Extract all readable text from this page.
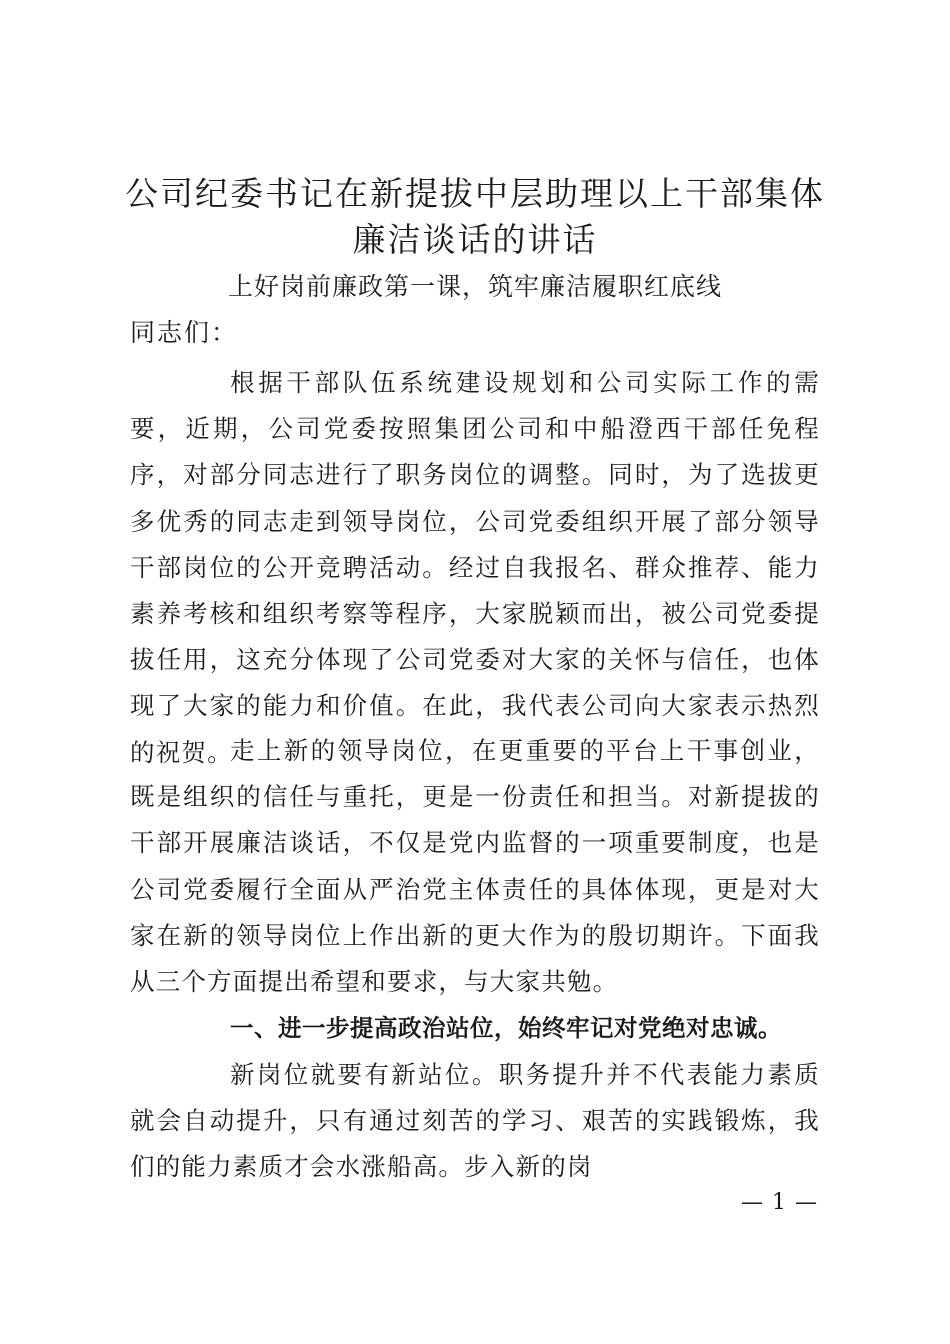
公司纪委书记在新提拔中层助理以上干部集体
廉洁谈话的讲话
上好岗前廉政第一课，筑牢廉洁履职红底线
同志们：

根据干部队伍系统建设规划和公司实际工作的需要，近期，公司党委按照集团公司和中船澄西干部任免程序，对部分同志进行了职务岗位的调整。同时，为了选拔更多优秀的同志走到领导岗位，公司党委组织开展了部分领导干部岗位的公开竞聘活动。经过自我报名、群众推荐、能力素养考核和组织考察等程序，大家脱颖而出，被公司党委提拔任用，这充分体现了公司党委对大家的关怀与信任，也体现了大家的能力和价值。在此，我代表公司向大家表示热烈的祝贺。

走上新的领导岗位，在更重要的平台上干事创业，既是组织的信任与重托，更是一份责任和担当。对新提拔的干部开展廉洁谈话，不仅是党内监督的一项重要制度，也是公司党委履行全面从严治党主体责任的具体体现，更是对大家在新的领导岗位上作出新的更大作为的殷切期许。下面我从三个方面提出希望和要求，与大家共勉。

一、进一步提高政治站位，始终牢记对党绝对忠诚。

新岗位就要有新站位。职务提升并不代表能力素质就会自动提升，只有通过刻苦的学习、艰苦的实践锻炼，我们的能力素质才会水涨船高。步入新的岗

— 1 —
